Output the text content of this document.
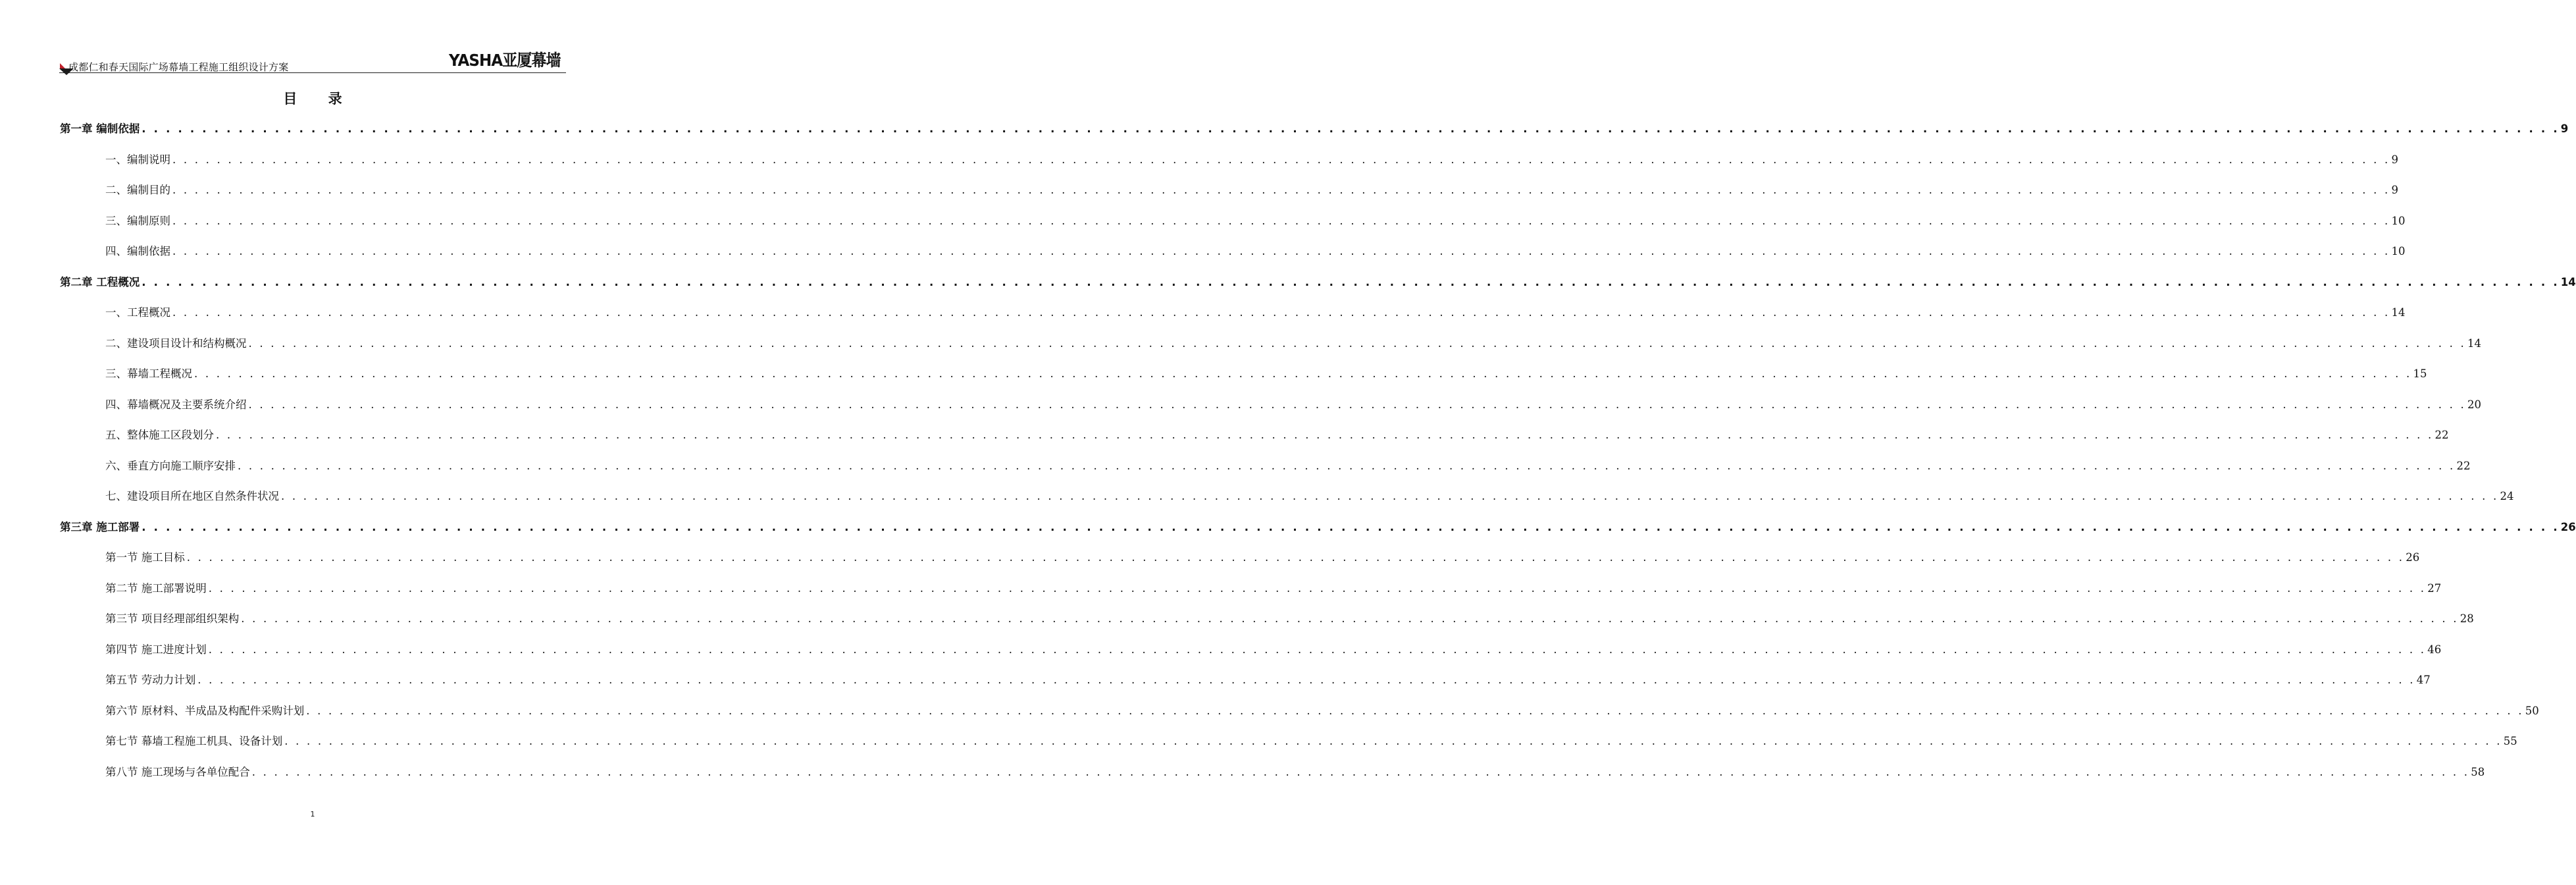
成都仁和春天国际广场幕墙工程施工组织设计方案	YASHA亚厦幕墙
目 录
第一章 编制依据 . . . . . . . . . . . . . . . . . . . . . . . . . . . . . . . . . . . . . . . . . . . . . . . . . . . . . . . . . . . . . . . . . . . . . . . . . . . . . . . . . . . . . . . . . . . . . . . . . . . . . . . . . . . . . . . . . . . . . . . . . . . . . . . . . . . . . . . . . . . . . . . . . . . . . . . . . . . . . . . . . . . . . . . . . . . . . . . . . . . . . . . . . . . . . . . . . . . . . . . . 9
一、编制说明 . . . . . . . . . . . . . . . . . . . . . . . . . . . . . . . . . . . . . . . . . . . . . . . . . . . . . . . . . . . . . . . . . . . . . . . . . . . . . . . . . . . . . . . . . . . . . . . . . . . . . . . . . . . . . . . . . . . . . . . . . . . . . . . . . . . . . . . . . . . . . . . . . . . . . . . . . . . . . . . . . . . . . . . . . . . . . . . . . . . . . . . . . . . . . . . . . . . . . . . . 9
二、编制目的 . . . . . . . . . . . . . . . . . . . . . . . . . . . . . . . . . . . . . . . . . . . . . . . . . . . . . . . . . . . . . . . . . . . . . . . . . . . . . . . . . . . . . . . . . . . . . . . . . . . . . . . . . . . . . . . . . . . . . . . . . . . . . . . . . . . . . . . . . . . . . . . . . . . . . . . . . . . . . . . . . . . . . . . . . . . . . . . . . . . . . . . . . . . . . . . . . . . . . . . . 9
三、编制原则 . . . . . . . . . . . . . . . . . . . . . . . . . . . . . . . . . . . . . . . . . . . . . . . . . . . . . . . . . . . . . . . . . . . . . . . . . . . . . . . . . . . . . . . . . . . . . . . . . . . . . . . . . . . . . . . . . . . . . . . . . . . . . . . . . . . . . . . . . . . . . . . . . . . . . . . . . . . . . . . . . . . . . . . . . . . . . . . . . . . . . . . . . . . . . . . . . . . . . . . . 10
四、编制依据 . . . . . . . . . . . . . . . . . . . . . . . . . . . . . . . . . . . . . . . . . . . . . . . . . . . . . . . . . . . . . . . . . . . . . . . . . . . . . . . . . . . . . . . . . . . . . . . . . . . . . . . . . . . . . . . . . . . . . . . . . . . . . . . . . . . . . . . . . . . . . . . . . . . . . . . . . . . . . . . . . . . . . . . . . . . . . . . . . . . . . . . . . . . . . . . . . . . . . . . . 10
第二章 工程概况 . . . . . . . . . . . . . . . . . . . . . . . . . . . . . . . . . . . . . . . . . . . . . . . . . . . . . . . . . . . . . . . . . . . . . . . . . . . . . . . . . . . . . . . . . . . . . . . . . . . . . . . . . . . . . . . . . . . . . . . . . . . . . . . . . . . . . . . . . . . . . . . . . . . . . . . . . . . . . . . . . . . . . . . . . . . . . . . . . . . . . . . . . . . . . . . . . . . . . . . . 14
一、工程概况 . . . . . . . . . . . . . . . . . . . . . . . . . . . . . . . . . . . . . . . . . . . . . . . . . . . . . . . . . . . . . . . . . . . . . . . . . . . . . . . . . . . . . . . . . . . . . . . . . . . . . . . . . . . . . . . . . . . . . . . . . . . . . . . . . . . . . . . . . . . . . . . . . . . . . . . . . . . . . . . . . . . . . . . . . . . . . . . . . . . . . . . . . . . . . . . . . . . . . . . . 14
二、建设项目设计和结构概况 . . . . . . . . . . . . . . . . . . . . . . . . . . . . . . . . . . . . . . . . . . . . . . . . . . . . . . . . . . . . . . . . . . . . . . . . . . . . . . . . . . . . . . . . . . . . . . . . . . . . . . . . . . . . . . . . . . . . . . . . . . . . . . . . . . . . . . . . . . . . . . . . . . . . . . . . . . . . . . . . . . . . . . . . . . . . . . . . . . . . . . . . . . . . . . . . . . . . . . . . 14
三、幕墙工程概况 . . . . . . . . . . . . . . . . . . . . . . . . . . . . . . . . . . . . . . . . . . . . . . . . . . . . . . . . . . . . . . . . . . . . . . . . . . . . . . . . . . . . . . . . . . . . . . . . . . . . . . . . . . . . . . . . . . . . . . . . . . . . . . . . . . . . . . . . . . . . . . . . . . . . . . . . . . . . . . . . . . . . . . . . . . . . . . . . . . . . . . . . . . . . . . . . . . . . . . . . 15
四、幕墙概况及主要系统介绍 . . . . . . . . . . . . . . . . . . . . . . . . . . . . . . . . . . . . . . . . . . . . . . . . . . . . . . . . . . . . . . . . . . . . . . . . . . . . . . . . . . . . . . . . . . . . . . . . . . . . . . . . . . . . . . . . . . . . . . . . . . . . . . . . . . . . . . . . . . . . . . . . . . . . . . . . . . . . . . . . . . . . . . . . . . . . . . . . . . . . . . . . . . . . . . . . . . . . . . . . 20
五、整体施工区段划分 . . . . . . . . . . . . . . . . . . . . . . . . . . . . . . . . . . . . . . . . . . . . . . . . . . . . . . . . . . . . . . . . . . . . . . . . . . . . . . . . . . . . . . . . . . . . . . . . . . . . . . . . . . . . . . . . . . . . . . . . . . . . . . . . . . . . . . . . . . . . . . . . . . . . . . . . . . . . . . . . . . . . . . . . . . . . . . . . . . . . . . . . . . . . . . . . . . . . . . . . 22
六、垂直方向施工顺序安排 . . . . . . . . . . . . . . . . . . . . . . . . . . . . . . . . . . . . . . . . . . . . . . . . . . . . . . . . . . . . . . . . . . . . . . . . . . . . . . . . . . . . . . . . . . . . . . . . . . . . . . . . . . . . . . . . . . . . . . . . . . . . . . . . . . . . . . . . . . . . . . . . . . . . . . . . . . . . . . . . . . . . . . . . . . . . . . . . . . . . . . . . . . . . . . . . . . . . . . . . 22
七、建设项目所在地区自然条件状况 . . . . . . . . . . . . . . . . . . . . . . . . . . . . . . . . . . . . . . . . . . . . . . . . . . . . . . . . . . . . . . . . . . . . . . . . . . . . . . . . . . . . . . . . . . . . . . . . . . . . . . . . . . . . . . . . . . . . . . . . . . . . . . . . . . . . . . . . . . . . . . . . . . . . . . . . . . . . . . . . . . . . . . . . . . . . . . . . . . . . . . . . . . . . . . . . . . . . . . . . 24
第三章 施工部署 . . . . . . . . . . . . . . . . . . . . . . . . . . . . . . . . . . . . . . . . . . . . . . . . . . . . . . . . . . . . . . . . . . . . . . . . . . . . . . . . . . . . . . . . . . . . . . . . . . . . . . . . . . . . . . . . . . . . . . . . . . . . . . . . . . . . . . . . . . . . . . . . . . . . . . . . . . . . . . . . . . . . . . . . . . . . . . . . . . . . . . . . . . . . . . . . . . . . . . . . 26
第一节 施工目标 . . . . . . . . . . . . . . . . . . . . . . . . . . . . . . . . . . . . . . . . . . . . . . . . . . . . . . . . . . . . . . . . . . . . . . . . . . . . . . . . . . . . . . . . . . . . . . . . . . . . . . . . . . . . . . . . . . . . . . . . . . . . . . . . . . . . . . . . . . . . . . . . . . . . . . . . . . . . . . . . . . . . . . . . . . . . . . . . . . . . . . . . . . . . . . . . . . . . . . . . 26
第二节 施工部署说明 . . . . . . . . . . . . . . . . . . . . . . . . . . . . . . . . . . . . . . . . . . . . . . . . . . . . . . . . . . . . . . . . . . . . . . . . . . . . . . . . . . . . . . . . . . . . . . . . . . . . . . . . . . . . . . . . . . . . . . . . . . . . . . . . . . . . . . . . . . . . . . . . . . . . . . . . . . . . . . . . . . . . . . . . . . . . . . . . . . . . . . . . . . . . . . . . . . . . . . . . 27
第三节 项目经理部组织架构 . . . . . . . . . . . . . . . . . . . . . . . . . . . . . . . . . . . . . . . . . . . . . . . . . . . . . . . . . . . . . . . . . . . . . . . . . . . . . . . . . . . . . . . . . . . . . . . . . . . . . . . . . . . . . . . . . . . . . . . . . . . . . . . . . . . . . . . . . . . . . . . . . . . . . . . . . . . . . . . . . . . . . . . . . . . . . . . . . . . . . . . . . . . . . . . . . . . . . . . . 28
第四节 施工进度计划 . . . . . . . . . . . . . . . . . . . . . . . . . . . . . . . . . . . . . . . . . . . . . . . . . . . . . . . . . . . . . . . . . . . . . . . . . . . . . . . . . . . . . . . . . . . . . . . . . . . . . . . . . . . . . . . . . . . . . . . . . . . . . . . . . . . . . . . . . . . . . . . . . . . . . . . . . . . . . . . . . . . . . . . . . . . . . . . . . . . . . . . . . . . . . . . . . . . . . . . . 46
第五节 劳动力计划 . . . . . . . . . . . . . . . . . . . . . . . . . . . . . . . . . . . . . . . . . . . . . . . . . . . . . . . . . . . . . . . . . . . . . . . . . . . . . . . . . . . . . . . . . . . . . . . . . . . . . . . . . . . . . . . . . . . . . . . . . . . . . . . . . . . . . . . . . . . . . . . . . . . . . . . . . . . . . . . . . . . . . . . . . . . . . . . . . . . . . . . . . . . . . . . . . . . . . . . . 47
第六节 原材料、半成品及构配件采购计划 . . . . . . . . . . . . . . . . . . . . . . . . . . . . . . . . . . . . . . . . . . . . . . . . . . . . . . . . . . . . . . . . . . . . . . . . . . . . . . . . . . . . . . . . . . . . . . . . . . . . . . . . . . . . . . . . . . . . . . . . . . . . . . . . . . . . . . . . . . . . . . . . . . . . . . . . . . . . . . . . . . . . . . . . . . . . . . . . . . . . . . . . . . . . . . . . . . . . . . . . 50
第七节 幕墙工程施工机具、设备计划 . . . . . . . . . . . . . . . . . . . . . . . . . . . . . . . . . . . . . . . . . . . . . . . . . . . . . . . . . . . . . . . . . . . . . . . . . . . . . . . . . . . . . . . . . . . . . . . . . . . . . . . . . . . . . . . . . . . . . . . . . . . . . . . . . . . . . . . . . . . . . . . . . . . . . . . . . . . . . . . . . . . . . . . . . . . . . . . . . . . . . . . . . . . . . . . . . . . . . . . . 55
第八节 施工现场与各单位配合 . . . . . . . . . . . . . . . . . . . . . . . . . . . . . . . . . . . . . . . . . . . . . . . . . . . . . . . . . . . . . . . . . . . . . . . . . . . . . . . . . . . . . . . . . . . . . . . . . . . . . . . . . . . . . . . . . . . . . . . . . . . . . . . . . . . . . . . . . . . . . . . . . . . . . . . . . . . . . . . . . . . . . . . . . . . . . . . . . . . . . . . . . . . . . . . . . . . . . . . . 58
1
